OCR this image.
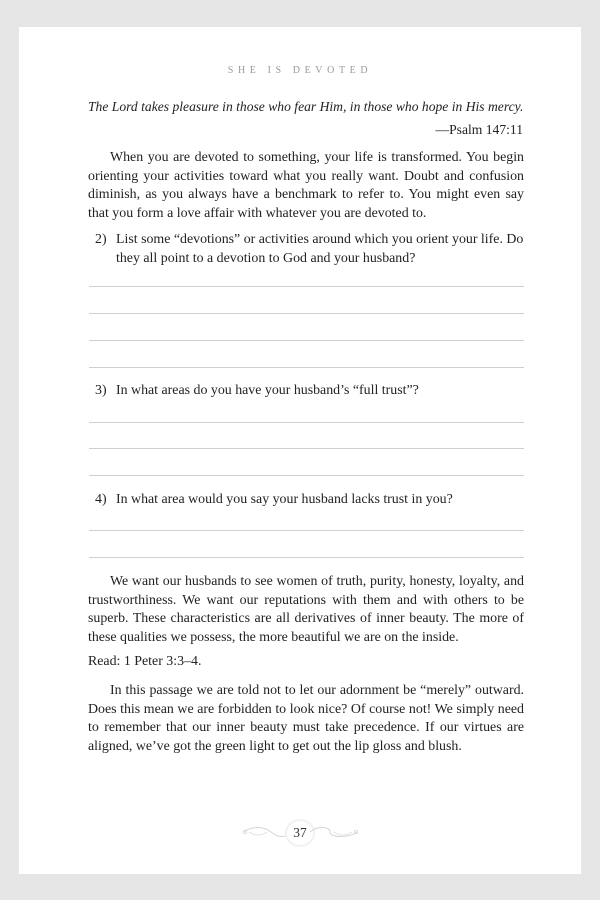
SHE IS DEVOTED
The Lord takes pleasure in those who fear Him, in those who hope in His mercy.
—Psalm 147:11

When you are devoted to something, your life is transformed. You begin orienting your activities toward what you really want. Doubt and confusion diminish, as you always have a benchmark to refer to. You might even say that you form a love affair with whatever you are devoted to.

2) List some “devotions” or activities around which you orient your life. Do they all point to a devotion to God and your husband?

3) In what areas do you have your husband’s “full trust”?

4) In what area would you say your husband lacks trust in you?

We want our husbands to see women of truth, purity, honesty, loyalty, and trustworthiness. We want our reputations with them and with others to be superb. These characteristics are all derivatives of inner beauty. The more of these qualities we possess, the more beautiful we are on the inside.

Read: 1 Peter 3:3–4.

In this passage we are told not to let our adornment be “merely” outward. Does this mean we are forbidden to look nice? Of course not! We simply need to remember that our inner beauty must take precedence. If our virtues are aligned, we’ve got the green light to get out the lip gloss and blush.

37
